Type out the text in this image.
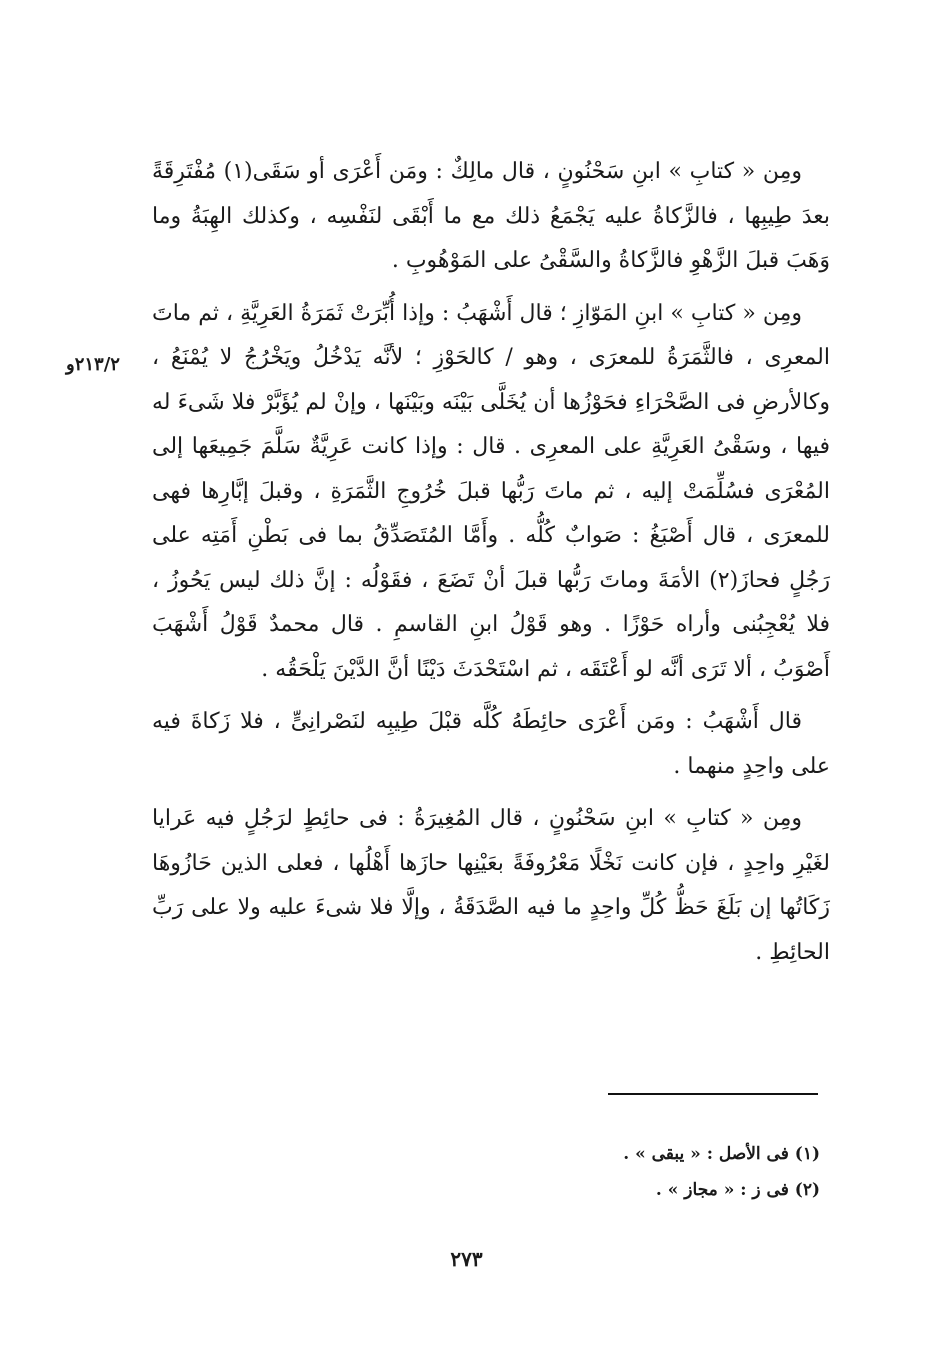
ومِن « كتابِ » ابنِ سَحْنُونٍ ، قال مالِكٌ : ومَن أَعْرَى أو سَقَى(١) مُفْتَرِقَةً بعدَ طِيبِها ، فالزَّكاةُ عليه يَجْمَعُ ذلك مع ما أَبْقَى لنَفْسِه ، وكذلك الهِبَةُ وما وَهَبَ قبلَ الزَّهْوِ فالزَّكاةُ والسَّقْىُ على المَوْهُوبِ .

ومِن « كتابِ » ابنِ المَوّازِ ؛ قال أَشْهَبُ : وإذا أُبِّرَتْ ثَمَرَةُ العَرِيَّةِ ، ثم ماتَ المعرِى ، فالثَّمَرَةُ للمعرَى ، وهو / كالحَوْزِ ؛ لأنَّه يَدْخُلُ ويَخْرُجُ لا يُمْنَعُ ، وكالأرضِ فى الصَّحْرَاءِ فحَوْزُها أن يُخَلَّى بَيْنَه وبَيْنَها ، وإنْ لم يُؤَبَّرْ فلا شَىءَ له فيها ، وسَقْىُ العَرِيَّةِ على المعرِى . قال : وإذا كانت عَرِيَّةٌ سَلَّمَ جَمِيعَها إلى المُعْرَى فسُلِّمَتْ إليه ، ثم ماتَ رَبُّها قبلَ خُرُوجِ الثَّمَرَةِ ، وقبلَ إبَّارِها فهى للمعرَى ، قال أَصْبَغُ : صَوابٌ كُلُّه . وأَمَّا المُتَصَدِّقُ بما فى بَطْنِ أَمَتِه على رَجُلٍ فحازَ(٢) الأمَةَ وماتَ رَبُّها قبلَ أنْ تَضَعَ ، فقَوْلُه : إنَّ ذلك ليس يَحُوزُ ، فلا يُعْجِبُنى وأراه حَوْزًا . وهو قَوْلُ ابنِ القاسمِ . قال محمدٌ قَوْلُ أَشْهَبَ أَصْوَبُ ، ألا تَرَى أنَّه لو أَعْتَقَه ، ثم اسْتَحْدَثَ دَيْنًا أنَّ الدَّيْنَ يَلْحَقُه .

قال أَشْهَبُ : ومَن أَعْرَى حائِطَهُ كُلَّه قبْلَ طِيبِه لنَصْرانِىٍّ ، فلا زَكاةَ فيه على واحِدٍ منهما .

ومِن « كتابِ » ابنِ سَحْنُونٍ ، قال المُغِيرَةُ : فى حائِطٍ لرَجُلٍ فيه عَرايا لغَيْرِ واحِدٍ ، فإن كانت نَخْلًا مَعْرُوفَةً بعَيْنِها حازَها أَهْلُها ، فعلى الذين حَازُوهَا زَكَاتُها إن بَلَغَ حَظُّ كُلِّ واحِدٍ ما فيه الصَّدَقَةُ ، وإلَّا فلا شىءَ عليه ولا على رَبِّ الحائِطِ .

٢١٣/٢و

(١) فى الأصل : « يبقى » .

(٢) فى ز : « مجاز » .

٢٧٣
